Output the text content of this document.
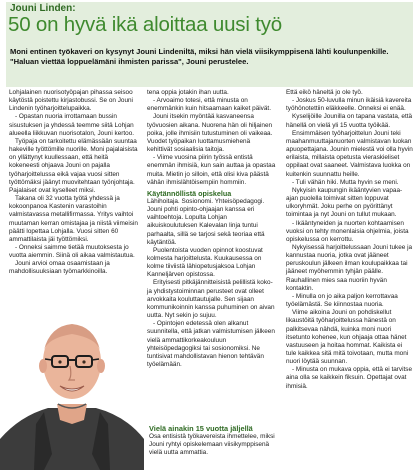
Jouni Linden:
50 on hyvä ikä aloittaa uusi työ
Moni entinen työkaveri on kysynyt Jouni Lindeniltä, miksi hän vielä viisikymppisenä lähti koulunpenkille. "Haluan viettää loppuelämäni ihmisten parissa", Jouni perustelee.

Lohjalainen nuorisotyöpajan pihassa seisoo käytöstä poistettu kirjastobussi. Se on Jouni Lindenin työharjoittelupaikka.

- Opastan nuoria irrottamaan bussin sisustuksen ja yhdessä teemme siitä Lohjan alueella liikkuvan nuorisotalon, Jouni kertoo.

Työpaja on tarkoitettu elämässään suuntaa hakeville työttömille nuorille. Moni pajalaisista on yllättynyt kuullessaan, että heitä kokeneesti ohjaava Jouni on pajalla työharjoittelussa eikä vajaa vuosi sitten työttömäksi jäänyt muovitehtaan työnjohtaja. Pajalaiset ovat kyselleet miksi.

Takana oli 32 vuotta työtä yhdessä ja kokoonpanoa Kastenin varastoihin valmistavassa metallifirmassa. Yritys vaihtoi muutaman kerran omistajaa ja niistä viimeisin päätti lopettaa Lohjalla. Vuosi sitten 60 ammattilaista jäi työttömiksi.

- Onneksi saimme tietää muutoksesta jo vuotta aiemmin. Siinä oli aikaa valmistautua.

Jouni arvioi omaa osaamistaan ja mahdollisuuksiaan työmarkkinoilla.

tena oppia jotakin ihan uutta.

- Arvoaimo totesi, että minusta on enemmänkin kuin hitsaamaan kaiket päivät.

Jouni itsekin myöntää kasvaneensa työvuosien aikana. Nuorena hän oli hiljainen poika, jolle ihmisiin tutustuminen oli vaikeaa. Vuodet työpaikan luottamusmiehenä kehittivät sosiaalisia taitoja.

- Viime vuosina piirin työssä entistä enemmän ihmisiä, kun sain auttaa ja opastaa muita. Mietin jo silloin, että olisi kiva päästä vähän ihmislähtöisempiin hommiin.

Käytännöllistä opiskelua

Lähihoitaja. Sosionomi. Yhteisöpedagogi. Jouni pohti opinto-ohjaajan kanssa eri vaihtoehtoja. Lopulta Lohjan aikuiskoulutuksen Kalevalan linja tuntui parhaalta, sillä se tarjosi sekä teoriaa että käytäntöä.

Puolentoista vuoden opinnot koostuvat kolmesta harjoittelusta. Kuukausessa on kolme tiiviistä lähiopetusjaksoa Lohjan Kanneljärven opistossa.

Erityisesti pitkäjännitteisistä pelillistä koko- ja yhdistystoiminnan perusteet ovat olleet arvokkaita kouluttautujalle. Sen sijaan kommunikoinnin kanssa puhuminen on aivan uutta. Nyt sekin jo sujuu.

- Opintojen edetessä olen alkanut suunnitella, että jatkan valmistumisen jälkeen vielä ammattikorkeakouluun yhteisöpedagogiksi tai sosionomiksi. Ne tuntisivat mahdollistavan hienon tehtävän työelämään.

Vielä ainakin 15 vuotta jäljellä

Osa entisistä työkavereista ihmettelee, miksi Jouni ryhtyi opiskelemaan viisikymppisenä vielä uutta ammattia.

Että eikö häneltä jo ole työ.

- Joskus 50-luvulla minun ikäisiä kavereita työhönotettiin eläkkeelle. Onneksi ei enää.

Kyselijöille Jounilla on tapana vastata, että hänellä on vielä yli 15 vuotta työikää.

Ensimmäisen työharjoittelun Jouni teki maahanmuuttajanuorten valmistavan luokan apuopettajana. Jounin mielestä voi olla hyvin erilaista, millaista opetusta vieraskieliset oppilaat ovat saaneet. Valmistava luokka on kuitenkin suunnattu heille.

- Tuli vähän hiki. Mutta hyvin se meni.

Nykyisin kaupungin ikääntyvien vapaa-ajan puolella toimivat sitten loppuvat ulkoryhmät. Joku perhe on pyörittänyt toimintaa ja nyt Jouni on tullut mukaan.

- Ikääntyneiden ja nuorten kohtaamisen vuoksi on tehty monenlaisia ohjelmia, joista opiskelussa on kerrottu.

Nykyisessä harjoittelussaan Jouni tukee ja kannustaa nuoria, jotka ovat jääneet peruskoulun jälkeen ilman koulupaikkaa tai jääneet myöhemmin tyhjän päälle. Rauhallinen mies saa nuoriin hyvän kontaktin.

- Minulla on jo aika paljon kerrottavaa työelämästä. Se kiinnostaa nuoria.

Viime aikoina Jouni on pohdiskellut likaustöitä työharjoittelussa hänestä on palkitsevaa nähdä, kuinka moni nuori itsetunto kohenee, kun ohjaaja ottaa hänet vastuuseen ja hoitaa hommat. Kaikista ei tule kaikkea sitä mitä toivotaan, mutta moni nuori löytää suunnan.

- Minusta on mukava oppia, että ei tarvitse aina olla se kaikkein fiksuin. Opettajat ovat ihmisiä.
